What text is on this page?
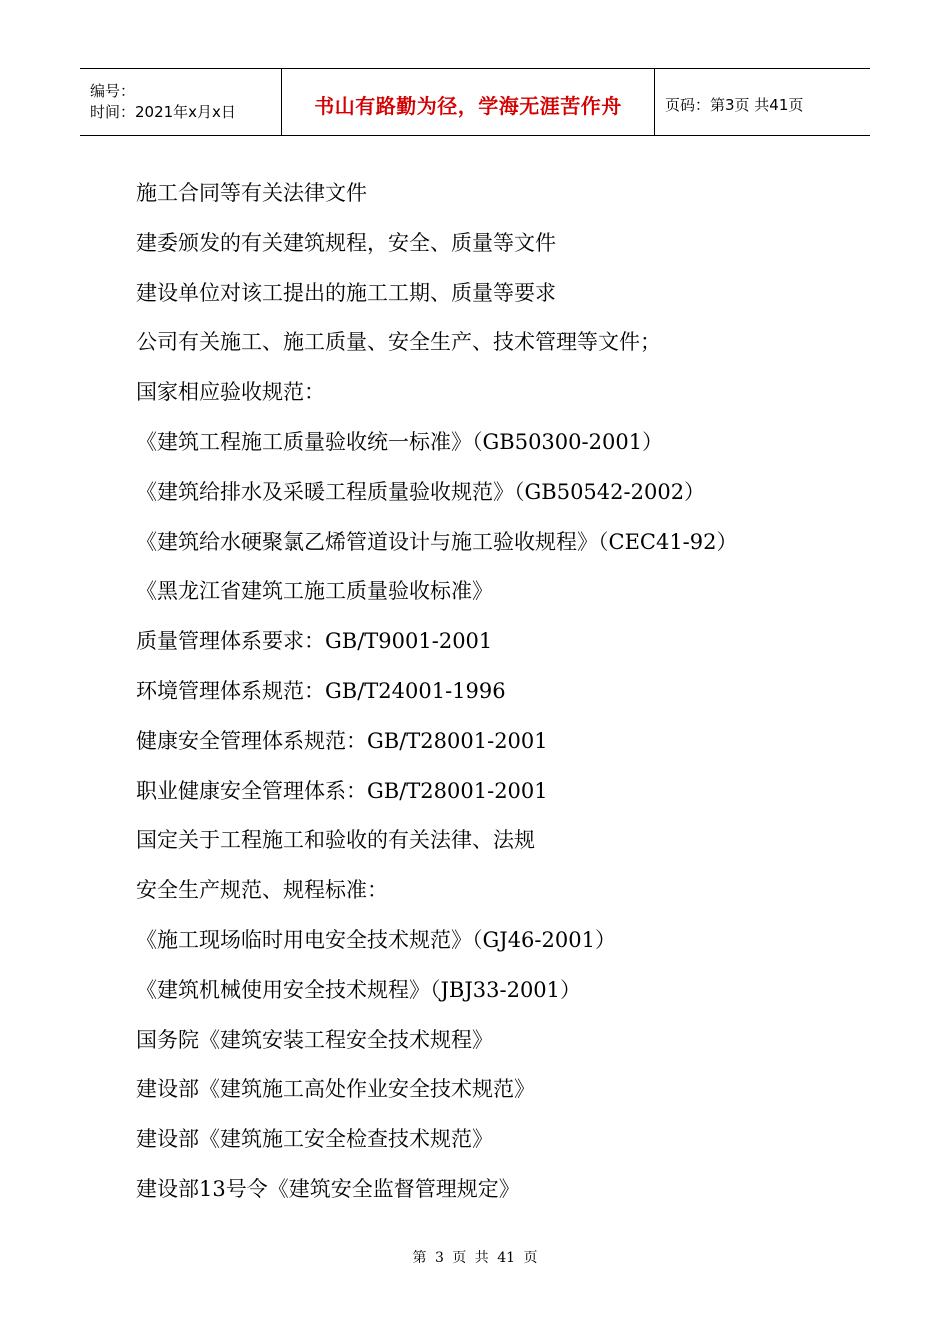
编号：
时间：2021年x月x日	书山有路勤为径，学海无涯苦作舟	页码：第3页 共41页
施工合同等有关法律文件
建委颁发的有关建筑规程，安全、质量等文件
建设单位对该工提出的施工工期、质量等要求
公司有关施工、施工质量、安全生产、技术管理等文件；
国家相应验收规范：
《建筑工程施工质量验收统一标准》（GB50300-2001）
《建筑给排水及采暖工程质量验收规范》（GB50542-2002）
《建筑给水硬聚氯乙烯管道设计与施工验收规程》（CEC41-92）
《黑龙江省建筑工施工质量验收标准》
质量管理体系要求：GB/T9001-2001
环境管理体系规范：GB/T24001-1996
健康安全管理体系规范：GB/T28001-2001
职业健康安全管理体系：GB/T28001-2001
国定关于工程施工和验收的有关法律、法规
安全生产规范、规程标准：
《施工现场临时用电安全技术规范》（GJ46-2001）
《建筑机械使用安全技术规程》（JBJ33-2001）
国务院《建筑安装工程安全技术规程》
建设部《建筑施工高处作业安全技术规范》
建设部《建筑施工安全检查技术规范》
建设部13号令《建筑安全监督管理规定》
第 3 页 共 41 页
